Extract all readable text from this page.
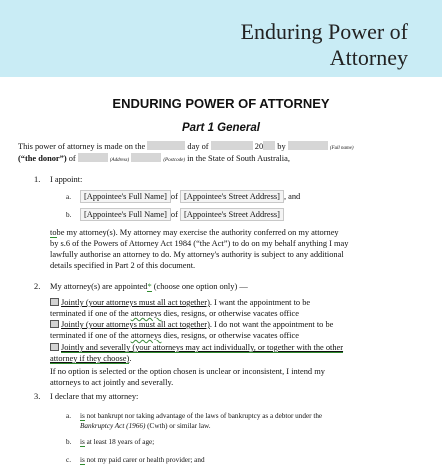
Enduring Power of
Attorney
ENDURING POWER OF ATTORNEY
Part 1 General
This power of attorney is made on the	day of	20 by	(Full name)
(“the donor”) of	(Address)	(Postcode) in the State of South Australia,
1. I appoint:
a.	[Appointee's Full Name] of [Appointee's Street Address] , and
b.	[Appointee's Full Name] of [Appointee's Street Address]
tobe my attorney(s). My attorney may exercise the authority conferred on my attorney
by s.6 of the Powers of Attorney Act 1984 (“the Act”) to do on my behalf anything I may
lawfully authorise an attorney to do. My attorney's authority is subject to any additional
details specified in Part 2 of this document.
2. My attorney(s) are appointed* (choose one option only) —
Jointly (your attorneys must all act together). I want the appointment to be
terminated if one of the attorneys dies, resigns, or otherwise vacates office
Jointly (your attorneys must all act together). I do not want the appointment to be
terminated if one of the attorneys dies, resigns, or otherwise vacates office
Jointly and severally (your attorneys may act individually, or together with the other
attorney if they choose).
If no option is selected or the option chosen is unclear or inconsistent, I intend my
attorneys to act jointly and severally.
3. I declare that my attorney:
a. is not bankrupt nor taking advantage of the laws of bankruptcy as a debtor under the
Bankruptcy Act (1966) (Cwth) or similar law.
b. is at least 18 years of age;
c. is not my paid carer or health provider; and
